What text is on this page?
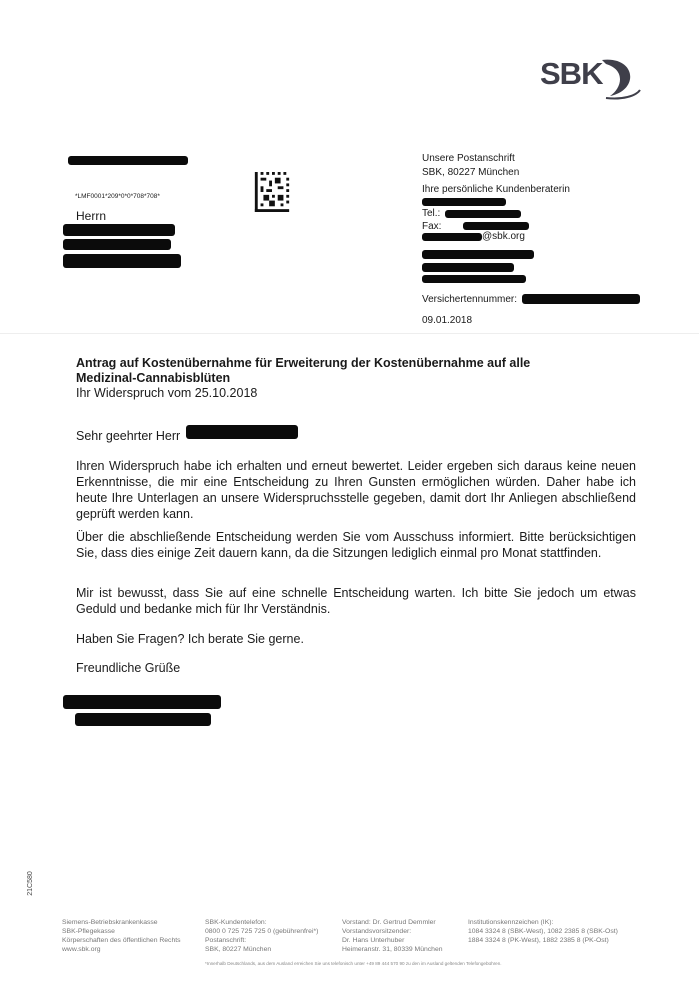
SBK
*LMF0001*209*0*0*708*708*
Herrn
Unsere Postanschrift
SBK, 80227 München
Ihre persönliche Kundenberaterin
Tel.:
Fax:
@sbk.org
Versichertennummer:
09.01.2018
21C580
Antrag auf Kostenübernahme für Erweiterung der Kostenübernahme auf alle
Medizinal-Cannabisblüten
Ihr Widerspruch vom 25.10.2018
Sehr geehrter Herr
Ihren Widerspruch habe ich erhalten und erneut bewertet. Leider ergeben sich daraus keine neuen Erkenntnisse, die mir eine Entscheidung zu Ihren Gunsten ermöglichen würden. Daher habe ich heute Ihre Unterlagen an unsere Widerspruchsstelle gegeben, damit dort Ihr Anliegen abschließend geprüft werden kann.
Über die abschließende Entscheidung werden Sie vom Ausschuss informiert. Bitte berücksichtigen Sie, dass dies einige Zeit dauern kann, da die Sitzungen lediglich einmal pro Monat stattfinden.
Mir ist bewusst, dass Sie auf eine schnelle Entscheidung warten. Ich bitte Sie jedoch um etwas Geduld und bedanke mich für Ihr Verständnis.
Haben Sie Fragen? Ich berate Sie gerne.
Freundliche Grüße
Siemens-Betriebskrankenkasse
SBK-Pflegekasse
Körperschaften des öffentlichen Rechts
www.sbk.org
SBK-Kundentelefon:
0800 0 725 725 725 0 (gebührenfrei*)
Postanschrift:
SBK, 80227 München
Vorstand: Dr. Gertrud Demmler
Vorstandsvorsitzender:
Dr. Hans Unterhuber
Heimeranstr. 31, 80339 München
Institutionskennzeichen (IK):
1084 3324 8 (SBK-West), 1082 2385 8 (SBK-Ost)
1884 3324 8 (PK-West), 1882 2385 8 (PK-Ost)
*Innerhalb Deutschlands, aus dem Ausland erreichen Sie uns telefonisch unter +49 89 444 570 90 zu den im Ausland geltenden Telefongebühren.
